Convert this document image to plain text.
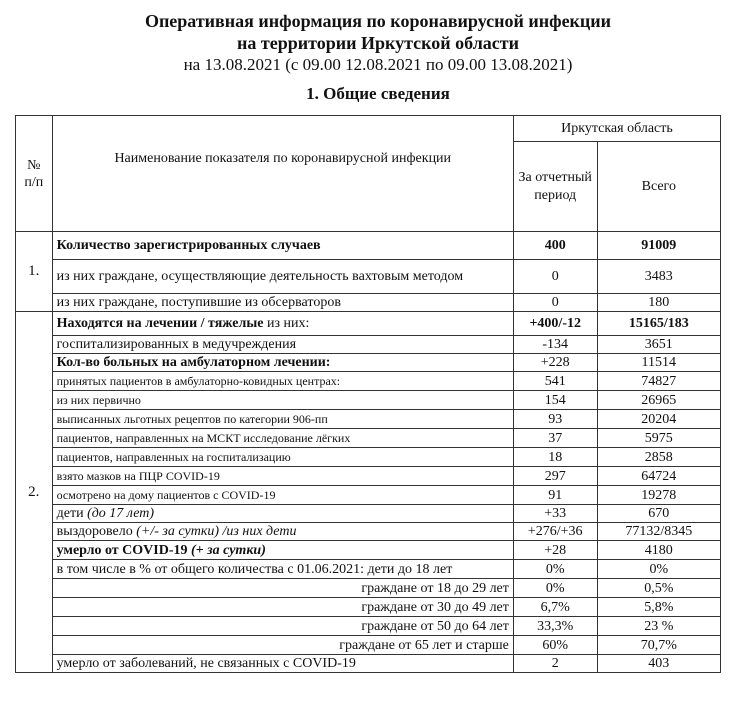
Оперативная информация по коронавирусной инфекции
на территории Иркутской области
на 13.08.2021 (с 09.00 12.08.2021 по 09.00 13.08.2021)
1. Общие сведения
№ п/п	Наименование показателя по коронавирусной инфекции	Иркутская область	
		За отчетный период	Всего
1.	Количество зарегистрированных случаев	400	91009
	из них граждане, осуществляющие деятельность вахтовым методом	0	3483
	из них граждане, поступившие из обсерваторов	0	180
2.	Находятся на лечении / тяжелые из них:	+400/-12	15165/183
	госпитализированных в медучреждения	-134	3651
	Кол-во больных на амбулаторном лечении:	+228	11514
	принятых пациентов в амбулаторно-ковидных центрах:	541	74827
	из них первично	154	26965
	выписанных льготных рецептов по категории 906-пп	93	20204
	пациентов, направленных на МСКТ исследование лёгких	37	5975
	пациентов, направленных на госпитализацию	18	2858
	взято мазков на ПЦР COVID-19	297	64724
	осмотрено на дому пациентов с COVID-19	91	19278
	дети (до 17 лет)	+33	670
	выздоровело (+/- за сутки) /из них дети	+276/+36	77132/8345
	умерло от COVID-19 (+ за сутки)	+28	4180
	в том числе в % от общего количества с 01.06.2021: дети до 18 лет	0%	0%
	граждане от 18 до 29 лет	0%	0,5%
	граждане от 30 до 49 лет	6,7%	5,8%
	граждане от 50 до 64 лет	33,3%	23 %
	граждане от 65 лет и старше	60%	70,7%
	умерло от заболеваний, не связанных с COVID-19	2	403
